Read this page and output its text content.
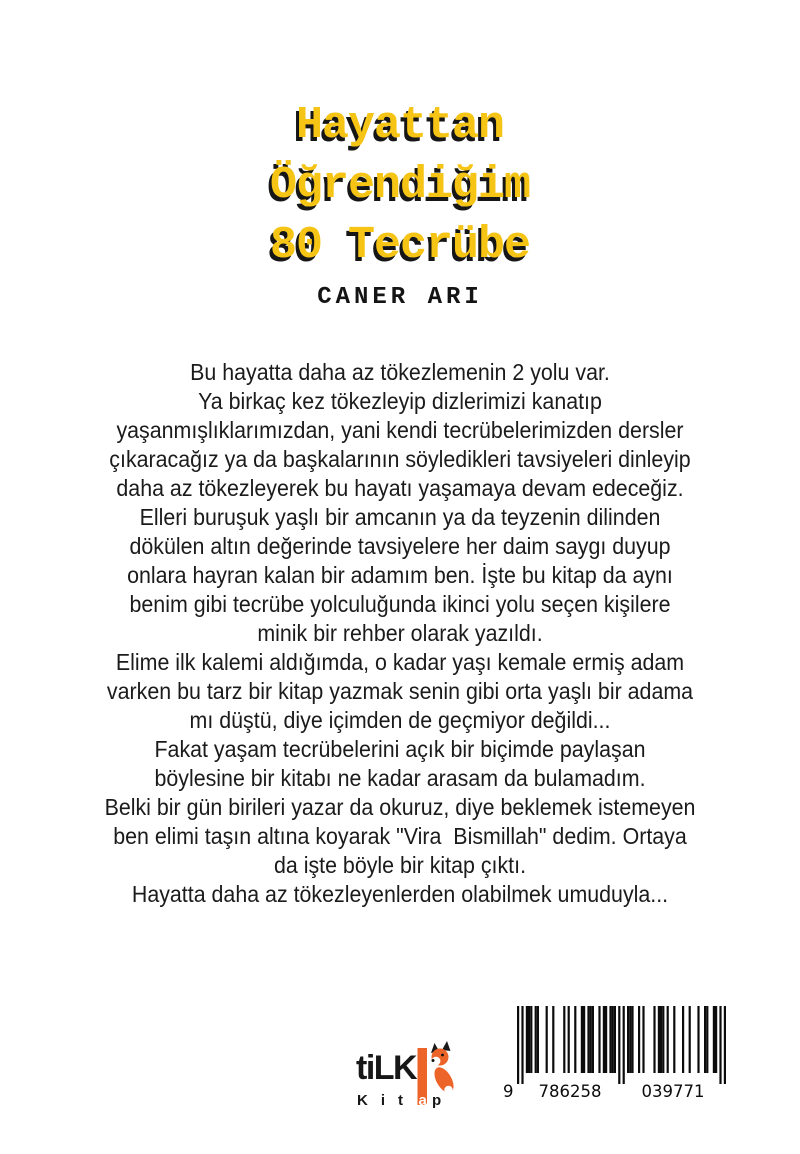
Hayattan
Öğrendiğim
80 Tecrübe
CANER ARI
Bu hayatta daha az tökezlemenin 2 yolu var.
Ya birkaç kez tökezleyip dizlerimizi kanatıp
yaşanmışlıklarımızdan, yani kendi tecrübelerimizden dersler
çıkaracağız ya da başkalarının söyledikleri tavsiyeleri dinleyip
daha az tökezleyerek bu hayatı yaşamaya devam edeceğiz.
Elleri buruşuk yaşlı bir amcanın ya da teyzenin dilinden
dökülen altın değerinde tavsiyelere her daim saygı duyup
onlara hayran kalan bir adamım ben. İşte bu kitap da aynı
benim gibi tecrübe yolculuğunda ikinci yolu seçen kişilere
minik bir rehber olarak yazıldı.
Elime ilk kalemi aldığımda, o kadar yaşı kemale ermiş adam
varken bu tarz bir kitap yazmak senin gibi orta yaşlı bir adama
mı düştü, diye içimden de geçmiyor değildi...
Fakat yaşam tecrübelerini açık bir biçimde paylaşan
böylesine bir kitabı ne kadar arasam da bulamadım.
Belki bir gün birileri yazar da okuruz, diye beklemek istemeyen
ben elimi taşın altına koyarak "Vira  Bismillah" dedim. Ortaya
da işte böyle bir kitap çıktı.
Hayatta daha az tökezleyenlerden olabilmek umuduyla...
tiLK
Kit a p	9 786258 039771
